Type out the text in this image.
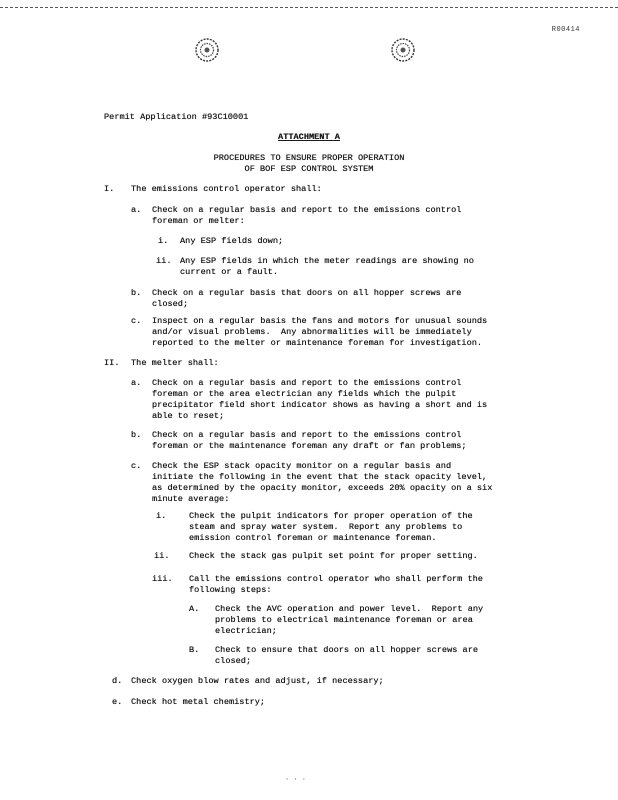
R00414
Permit Application #93C10001
ATTACHMENT A
PROCEDURES TO ENSURE PROPER OPERATION
OF BOF ESP CONTROL SYSTEM
I. The emissions control operator shall:
a. Check on a regular basis and report to the emissions control
foreman or melter:
i. Any ESP fields down;
ii. Any ESP fields in which the meter readings are showing no
current or a fault.
b. Check on a regular basis that doors on all hopper screws are
closed;
c. Inspect on a regular basis the fans and motors for unusual sounds
and/or visual problems.  Any abnormalities will be immediately
reported to the melter or maintenance foreman for investigation.
II. The melter shall:
a. Check on a regular basis and report to the emissions control
foreman or the area electrician any fields which the pulpit
precipitator field short indicator shows as having a short and is
able to reset;
b. Check on a regular basis and report to the emissions control
foreman or the maintenance foreman any draft or fan problems;
c. Check the ESP stack opacity monitor on a regular basis and
initiate the following in the event that the stack opacity level,
as determined by the opacity monitor, exceeds 20% opacity on a six
minute average:
i.	Check the pulpit indicators for proper operation of the
steam and spray water system.  Report any problems to
emission control foreman or maintenance foreman.
ii. Check the stack gas pulpit set point for proper setting.
iii. Call the emissions control operator who shall perform the
following steps:
A. Check the AVC operation and power level.  Report any
problems to electrical maintenance foreman or area
electrician;
B. Check to ensure that doors on all hopper screws are
closed;
d. Check oxygen blow rates and adjust, if necessary;
e. Check hot metal chemistry;
· · ·
